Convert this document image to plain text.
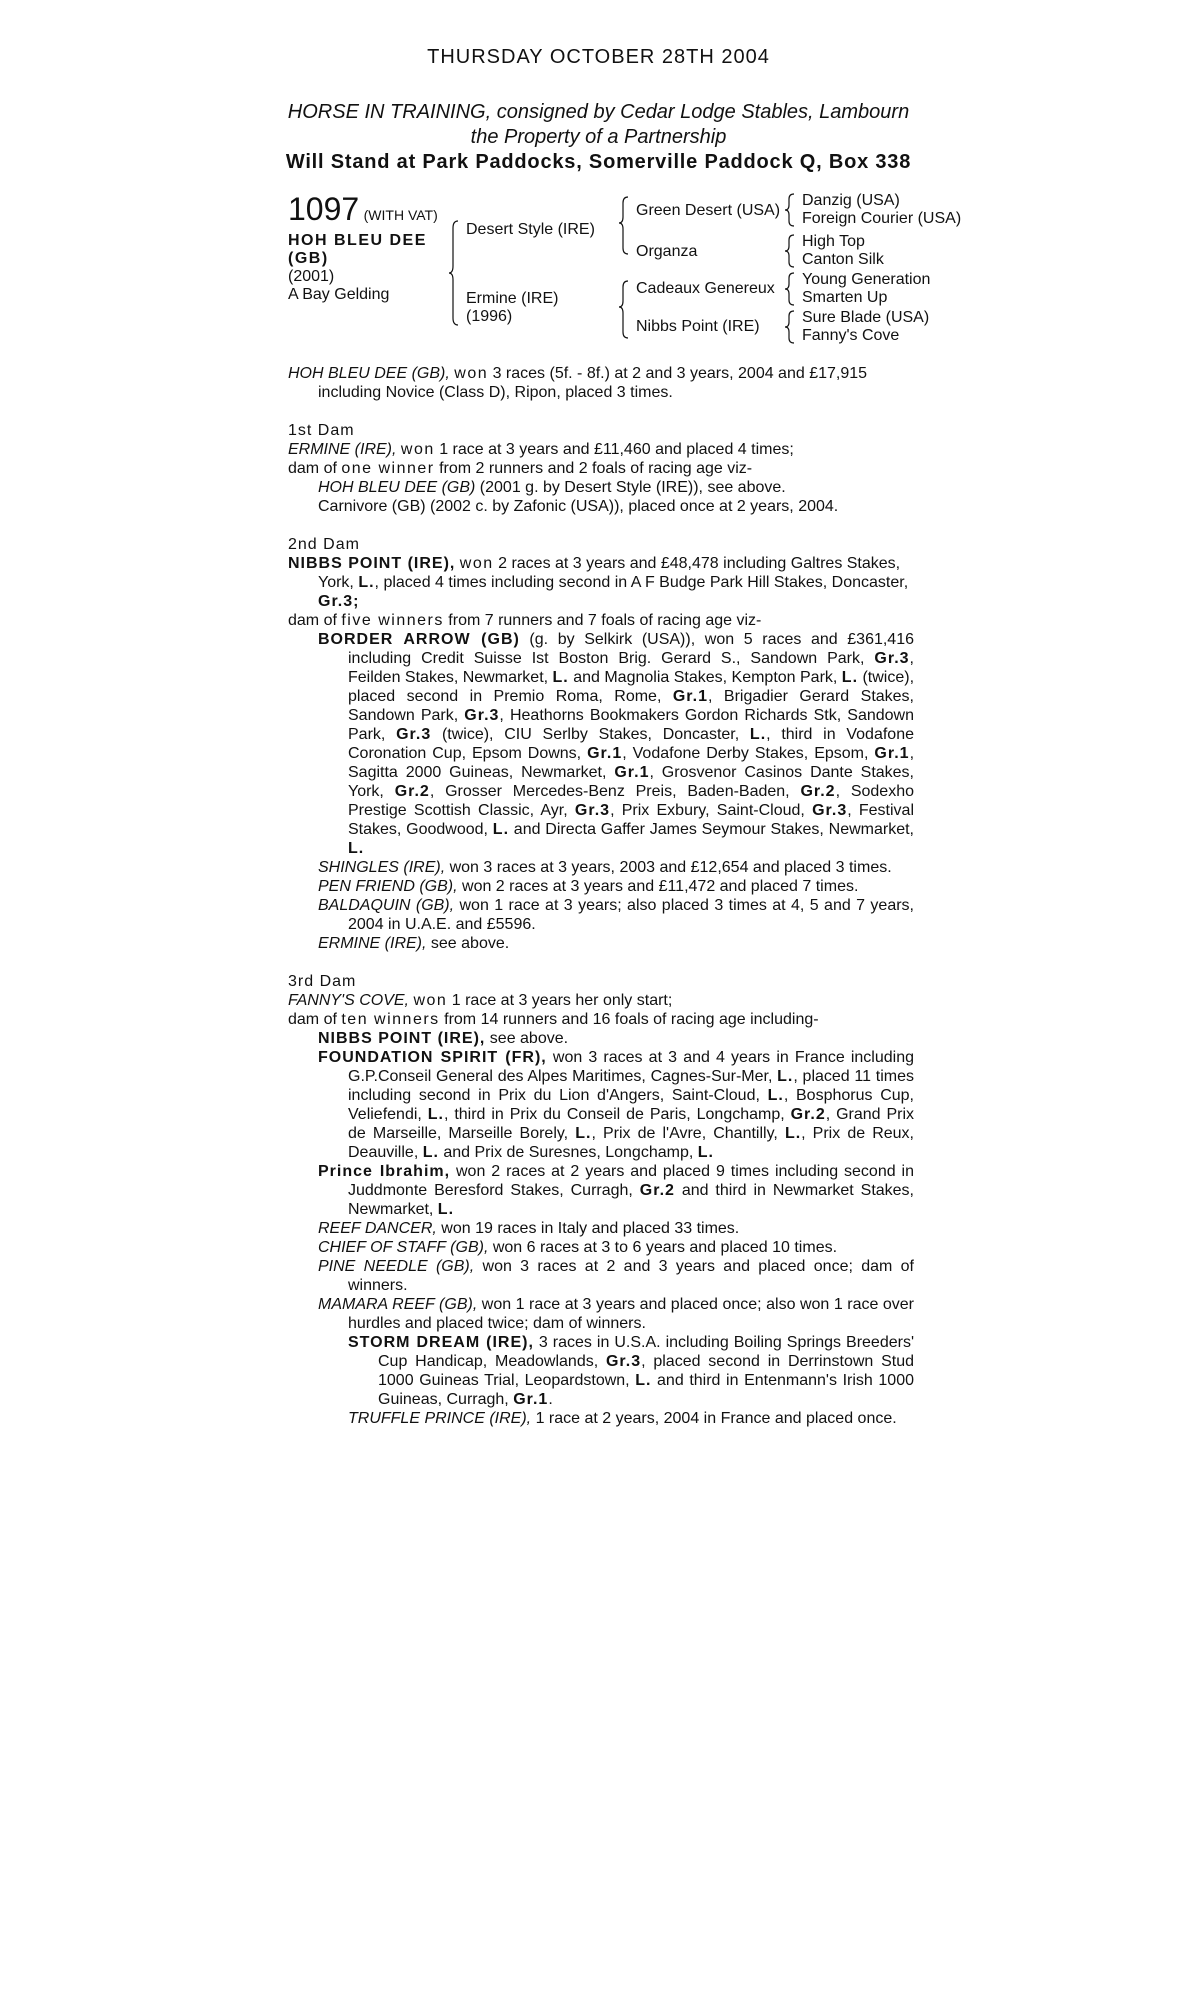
THURSDAY OCTOBER 28TH 2004
HORSE IN TRAINING, consigned by Cedar Lodge Stables, Lambourn
the Property of a Partnership
Will Stand at Park Paddocks, Somerville Paddock Q, Box 338
1097 (WITH VAT)
HOH BLEU DEE (GB)
(2001)
A Bay Gelding
Desert Style (IRE)
Ermine (IRE)
(1996)
Green Desert (USA)
Organza
Cadeaux Genereux
Nibbs Point (IRE)
Danzig (USA)
Foreign Courier (USA)
High Top
Canton Silk
Young Generation
Smarten Up
Sure Blade (USA)
Fanny's Cove

HOH BLEU DEE (GB), won 3 races (5f. - 8f.) at 2 and 3 years, 2004 and £17,915

including Novice (Class D), Ripon, placed 3 times.

1st Dam

ERMINE (IRE), won 1 race at 3 years and £11,460 and placed 4 times;

dam of one winner from 2 runners and 2 foals of racing age viz-

HOH BLEU DEE (GB) (2001 g. by Desert Style (IRE)), see above.

Carnivore (GB) (2002 c. by Zafonic (USA)), placed once at 2 years, 2004.

2nd Dam

NIBBS POINT (IRE), won 2 races at 3 years and £48,478 including Galtres Stakes, York, L., placed 4 times including second in A F Budge Park Hill Stakes, Doncaster, Gr.3;

dam of five winners from 7 runners and 7 foals of racing age viz-

BORDER ARROW (GB) (g. by Selkirk (USA)), won 5 races and £361,416 including Credit Suisse Ist Boston Brig. Gerard S., Sandown Park, Gr.3, Feilden Stakes, Newmarket, L. and Magnolia Stakes, Kempton Park, L. (twice), placed second in Premio Roma, Rome, Gr.1, Brigadier Gerard Stakes, Sandown Park, Gr.3, Heathorns Bookmakers Gordon Richards Stk, Sandown Park, Gr.3 (twice), CIU Serlby Stakes, Doncaster, L., third in Vodafone Coronation Cup, Epsom Downs, Gr.1, Vodafone Derby Stakes, Epsom, Gr.1, Sagitta 2000 Guineas, Newmarket, Gr.1, Grosvenor Casinos Dante Stakes, York, Gr.2, Grosser Mercedes-Benz Preis, Baden-Baden, Gr.2, Sodexho Prestige Scottish Classic, Ayr, Gr.3, Prix Exbury, Saint-Cloud, Gr.3, Festival Stakes, Goodwood, L. and Directa Gaffer James Seymour Stakes, Newmarket, L.

SHINGLES (IRE), won 3 races at 3 years, 2003 and £12,654 and placed 3 times.

PEN FRIEND (GB), won 2 races at 3 years and £11,472 and placed 7 times.

BALDAQUIN (GB), won 1 race at 3 years; also placed 3 times at 4, 5 and 7 years, 2004 in U.A.E. and £5596.

ERMINE (IRE), see above.

3rd Dam

FANNY'S COVE, won 1 race at 3 years her only start;

dam of ten winners from 14 runners and 16 foals of racing age including-

NIBBS POINT (IRE), see above.

FOUNDATION SPIRIT (FR), won 3 races at 3 and 4 years in France including G.P.Conseil General des Alpes Maritimes, Cagnes-Sur-Mer, L., placed 11 times including second in Prix du Lion d'Angers, Saint-Cloud, L., Bosphorus Cup, Veliefendi, L., third in Prix du Conseil de Paris, Longchamp, Gr.2, Grand Prix de Marseille, Marseille Borely, L., Prix de l'Avre, Chantilly, L., Prix de Reux, Deauville, L. and Prix de Suresnes, Longchamp, L.

Prince Ibrahim, won 2 races at 2 years and placed 9 times including second in Juddmonte Beresford Stakes, Curragh, Gr.2 and third in Newmarket Stakes, Newmarket, L.

REEF DANCER, won 19 races in Italy and placed 33 times.

CHIEF OF STAFF (GB), won 6 races at 3 to 6 years and placed 10 times.

PINE NEEDLE (GB), won 3 races at 2 and 3 years and placed once; dam of winners.

MAMARA REEF (GB), won 1 race at 3 years and placed once; also won 1 race over hurdles and placed twice; dam of winners.

STORM DREAM (IRE), 3 races in U.S.A. including Boiling Springs Breeders' Cup Handicap, Meadowlands, Gr.3, placed second in Derrinstown Stud 1000 Guineas Trial, Leopardstown, L. and third in Entenmann's Irish 1000 Guineas, Curragh, Gr.1.

TRUFFLE PRINCE (IRE), 1 race at 2 years, 2004 in France and placed once.
